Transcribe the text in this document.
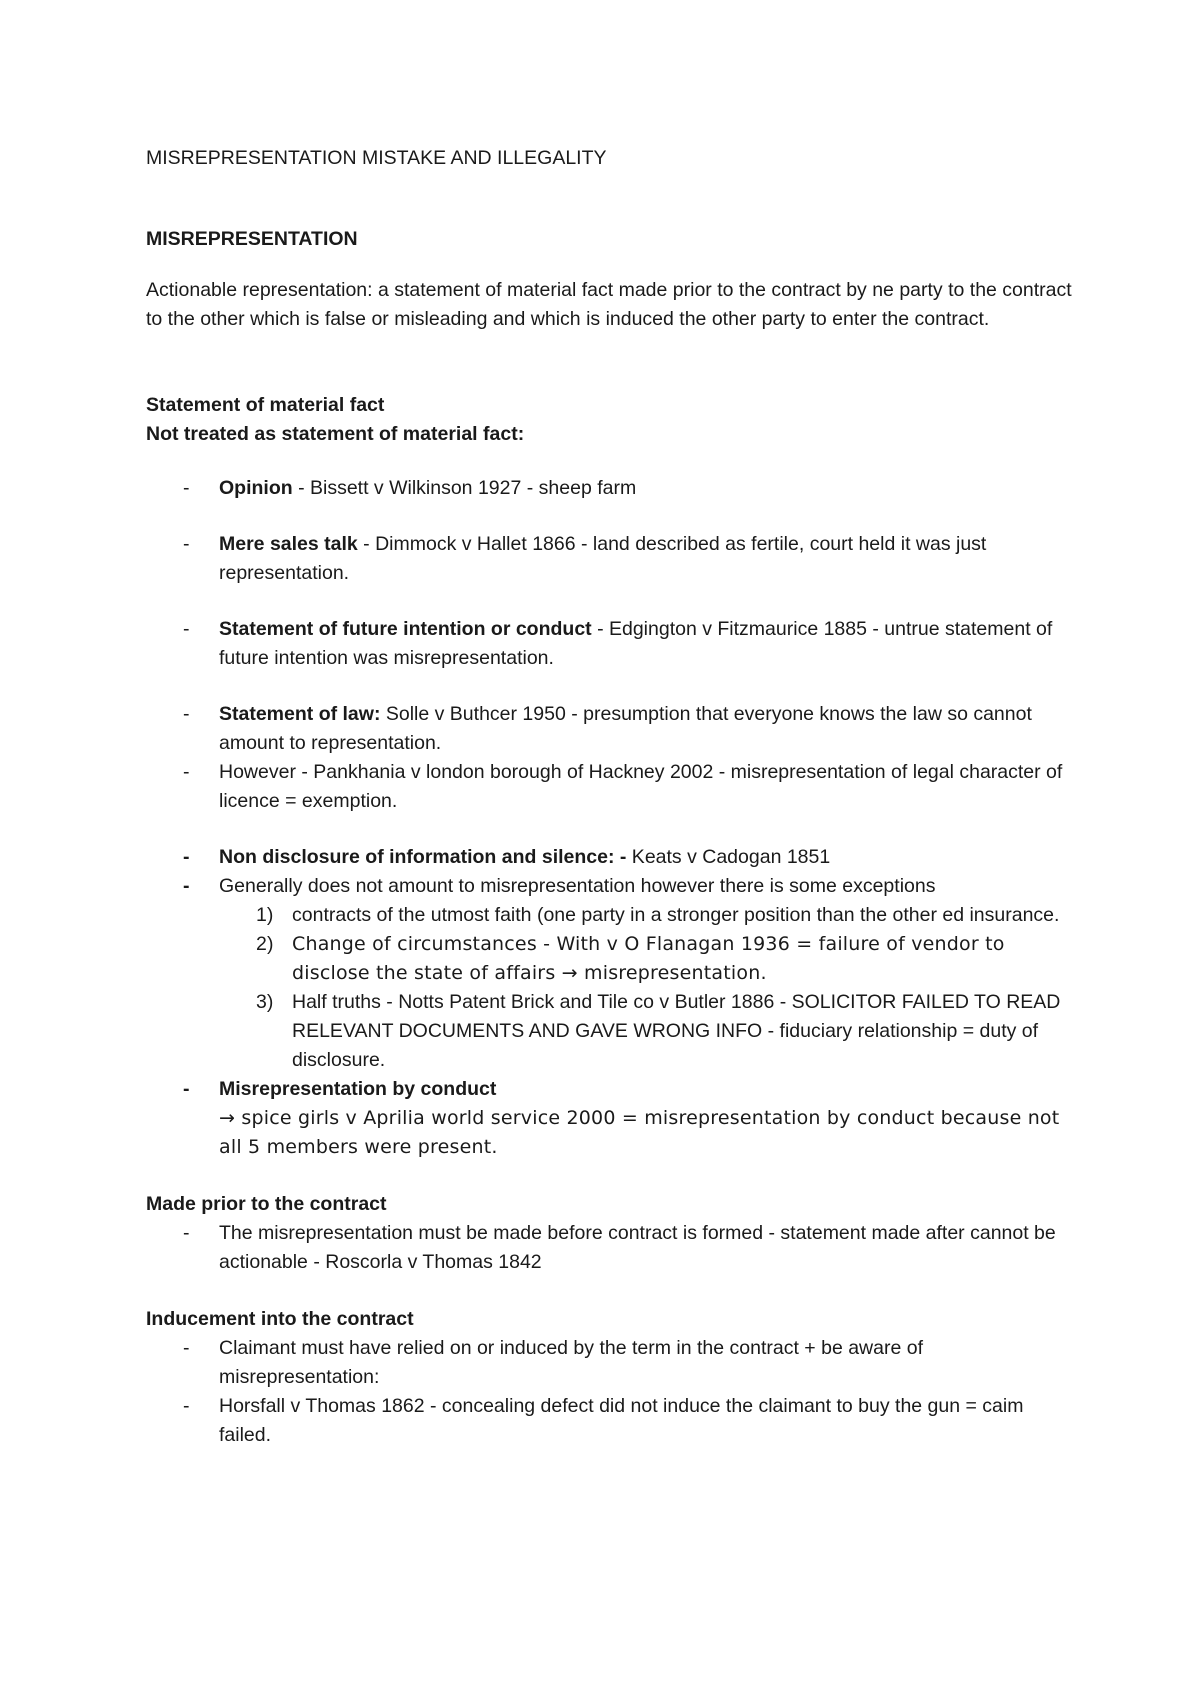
MISREPRESENTATION MISTAKE AND ILLEGALITY

MISREPRESENTATION

Actionable representation: a statement of material fact made prior to the contract by ne party to the contract to the other which is false or misleading and which is induced the other party to enter the contract.

Statement of material fact

Not treated as statement of material fact:

- Opinion - Bissett v Wilkinson 1927 - sheep farm
- Mere sales talk - Dimmock v Hallet 1866 - land described as fertile, court held it was just representation.
- Statement of future intention or conduct - Edgington v Fitzmaurice 1885 - untrue statement of future intention was misrepresentation.
- Statement of law: Solle v Buthcer 1950 - presumption that everyone knows the law so cannot amount to representation.
- However - Pankhania v london borough of Hackney 2002 - misrepresentation of legal character of licence = exemption.
- Non disclosure of information and silence: - Keats v Cadogan 1851
- Generally does not amount to misrepresentation however there is some exceptions
1) contracts of the utmost faith (one party in a stronger position than the other ed insurance.
2) Change of circumstances - With v O Flanagan 1936 = failure of vendor to disclose the state of affairs → misrepresentation.
3) Half truths - Notts Patent Brick and Tile co v Butler 1886 - SOLICITOR FAILED TO READ RELEVANT DOCUMENTS AND GAVE WRONG INFO - fiduciary relationship = duty of disclosure.
- Misrepresentation by conduct
→ spice girls v Aprilia world service 2000 = misrepresentation by conduct because not all 5 members were present.

Made prior to the contract

- The misrepresentation must be made before contract is formed - statement made after cannot be actionable - Roscorla v Thomas 1842

Inducement into the contract

- Claimant must have relied on or induced by the term in the contract + be aware of misrepresentation:
- Horsfall v Thomas 1862 - concealing defect did not induce the claimant to buy the gun = caim failed.
